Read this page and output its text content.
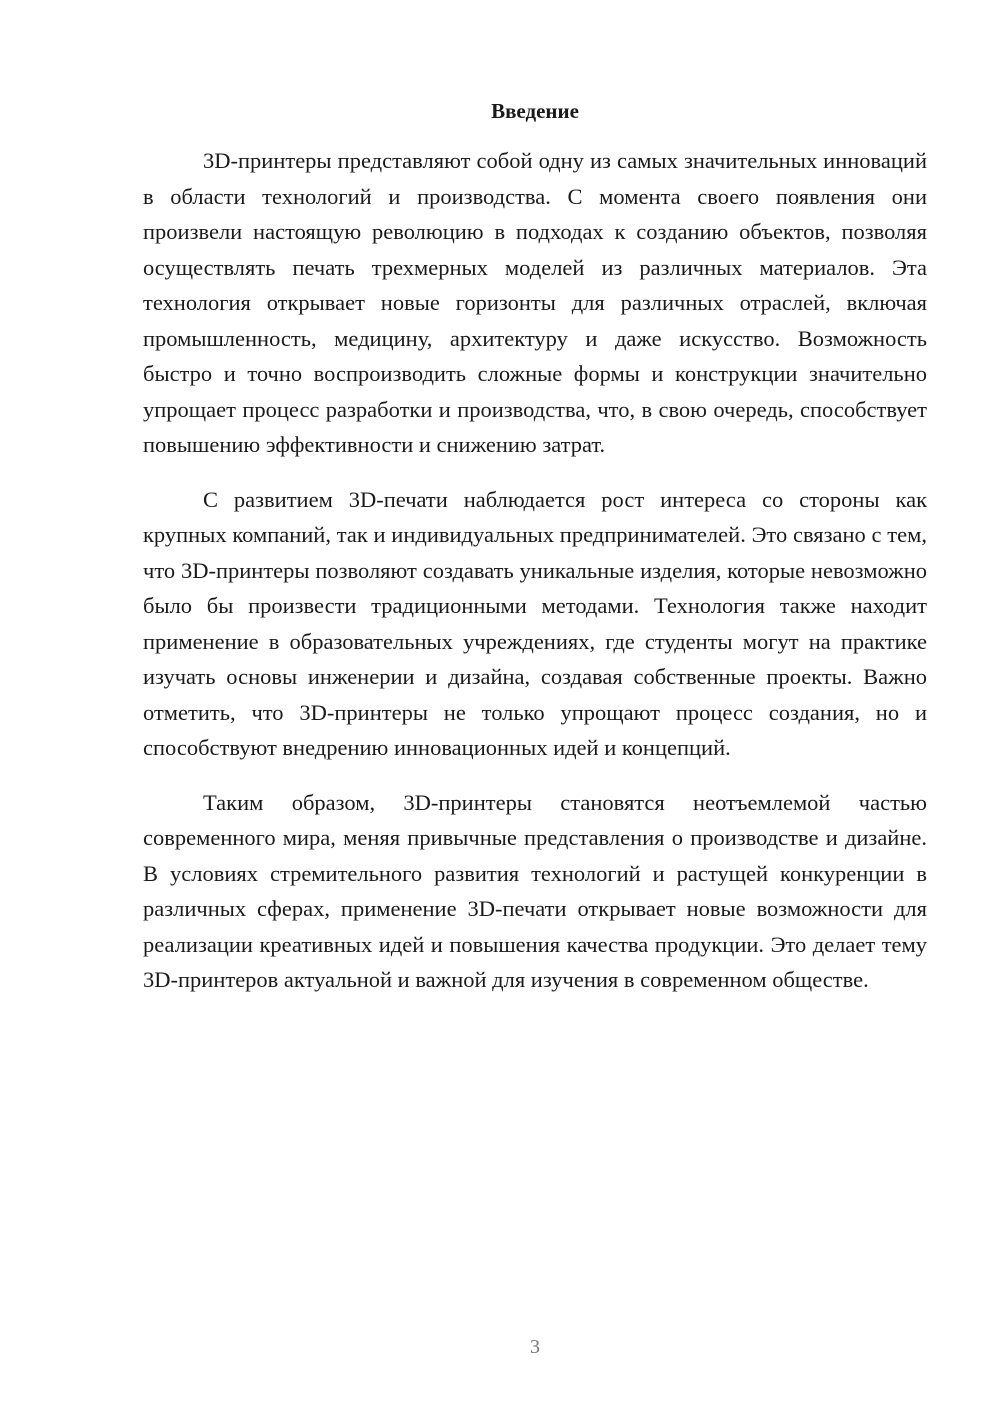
Введение

3D-принтеры представляют собой одну из самых значительных инноваций в области технологий и производства. С момента своего появления они произвели настоящую революцию в подходах к созданию объектов, позволяя осуществлять печать трехмерных моделей из различных материалов. Эта технология открывает новые горизонты для различных отраслей, включая промышленность, медицину, архитектуру и даже искусство. Возможность быстро и точно воспроизводить сложные формы и конструкции значительно упрощает процесс разработки и производства, что, в свою очередь, способствует повышению эффективности и снижению затрат.

С развитием 3D-печати наблюдается рост интереса со стороны как крупных компаний, так и индивидуальных предпринимателей. Это связано с тем, что 3D-принтеры позволяют создавать уникальные изделия, которые невозможно было бы произвести традиционными методами. Технология также находит применение в образовательных учреждениях, где студенты могут на практике изучать основы инженерии и дизайна, создавая собственные проекты. Важно отметить, что 3D-принтеры не только упрощают процесс создания, но и способствуют внедрению инновационных идей и концепций.

Таким образом, 3D-принтеры становятся неотъемлемой частью современного мира, меняя привычные представления о производстве и дизайне. В условиях стремительного развития технологий и растущей конкуренции в различных сферах, применение 3D-печати открывает новые возможности для реализации креативных идей и повышения качества продукции. Это делает тему 3D-принтеров актуальной и важной для изучения в современном обществе.

3
